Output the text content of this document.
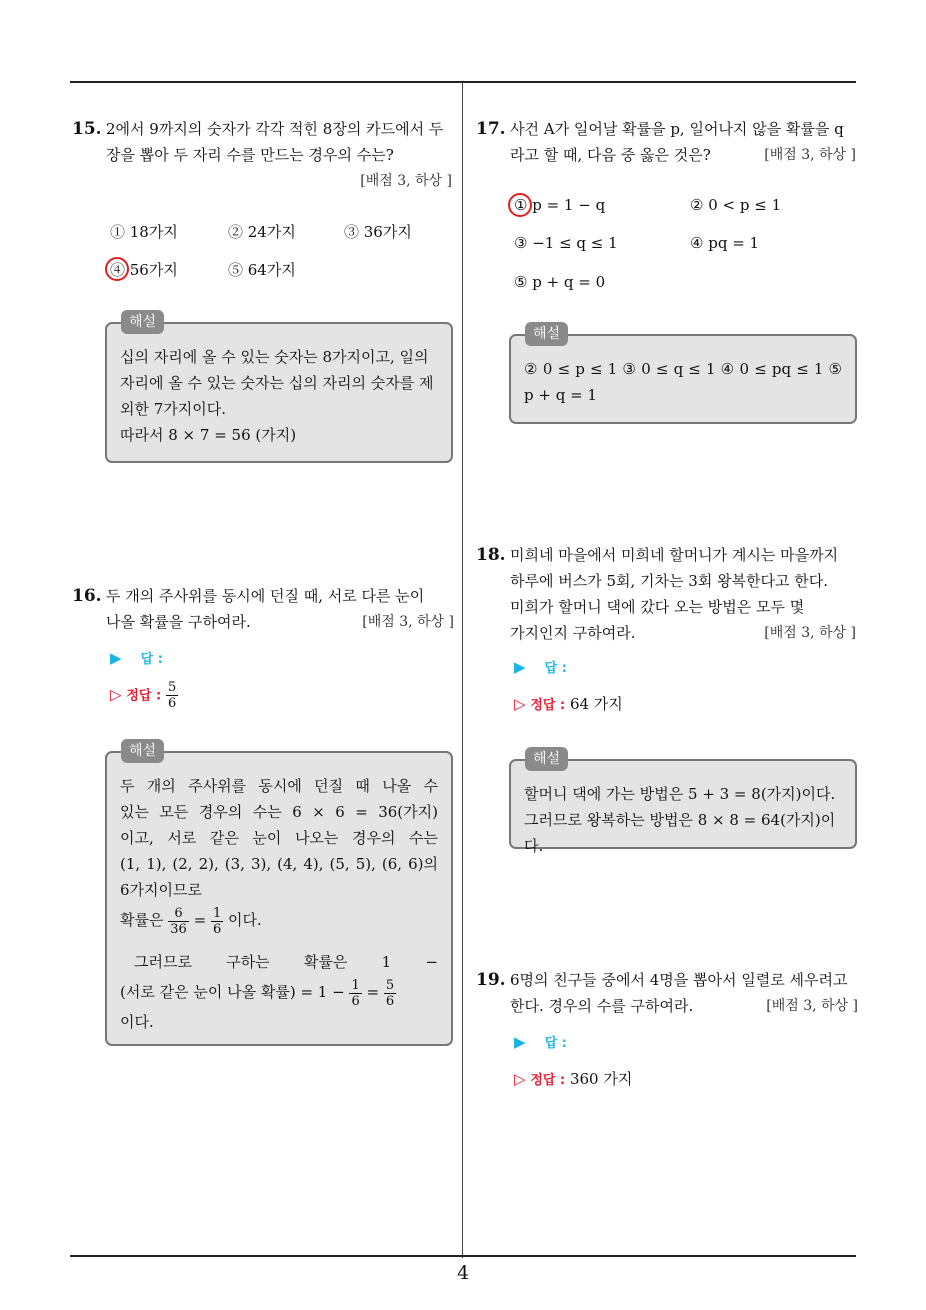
4
15. 2에서 9까지의 숫자가 각각 적힌 8장의 카드에서 두
장을 뽑아 두 자리 수를 만드는 경우의 수는?
[배점 3, 하상 ]
① 18가지	② 24가지	③ 36가지
④ 56가지	⑤ 64가지
해설

십의 자리에 올 수 있는 숫자는 8가지이고, 일의

자리에 올 수 있는 숫자는 십의 자리의 숫자를 제

외한 7가지이다.

따라서 8 × 7 = 56 (가지)

16. 두 개의 주사위를 동시에 던질 때, 서로 다른 눈이
나올 확률을 구하여라.	[배점 3, 하상 ]
▶ 답 :
▷ 정답 : $\frac{5}{6}$
해설

두 개의 주사위를 동시에 던질 때 나올 수

있는 모든 경우의 수는 6 × 6 = 36(가지)

이고, 서로 같은 눈이 나오는 경우의 수는

(1, 1), (2, 2), (3, 3), (4, 4), (5, 5), (6, 6)의

6가지이므로

확률은 $\frac{6}{36} = \frac{1}{6}$ 이다.

그러므로 구하는 확률은 1 −

(서로 같은 눈이 나올 확률) = $1 - \frac{1}{6} = \frac{5}{6}$

이다.

17. 사건 A가 일어날 확률을 p, 일어나지 않을 확률을 q
라고 할 때, 다음 중 옳은 것은?	[배점 3, 하상 ]
① p = 1 − q	② 0 < p ≤ 1
③ −1 ≤ q ≤ 1	④ pq = 1
⑤ p + q = 0
해설

② 0 ≤ p ≤ 1 ③ 0 ≤ q ≤ 1 ④ 0 ≤ pq ≤ 1 ⑤

p + q = 1

18. 미희네 마을에서 미희네 할머니가 계시는 마을까지
하루에 버스가 5회, 기차는 3회 왕복한다고 한다.
미희가 할머니 댁에 갔다 오는 방법은 모두 몇
가지인지 구하여라.	[배점 3, 하상 ]
▶ 답 :
▷ 정답 : 64 가지
해설

할머니 댁에 가는 방법은 5 + 3 = 8(가지)이다.

그러므로 왕복하는 방법은 8 × 8 = 64(가지)이다.

19. 6명의 친구들 중에서 4명을 뽑아서 일렬로 세우려고
한다. 경우의 수를 구하여라.	[배점 3, 하상 ]
▶ 답 :
▷ 정답 : 360 가지
